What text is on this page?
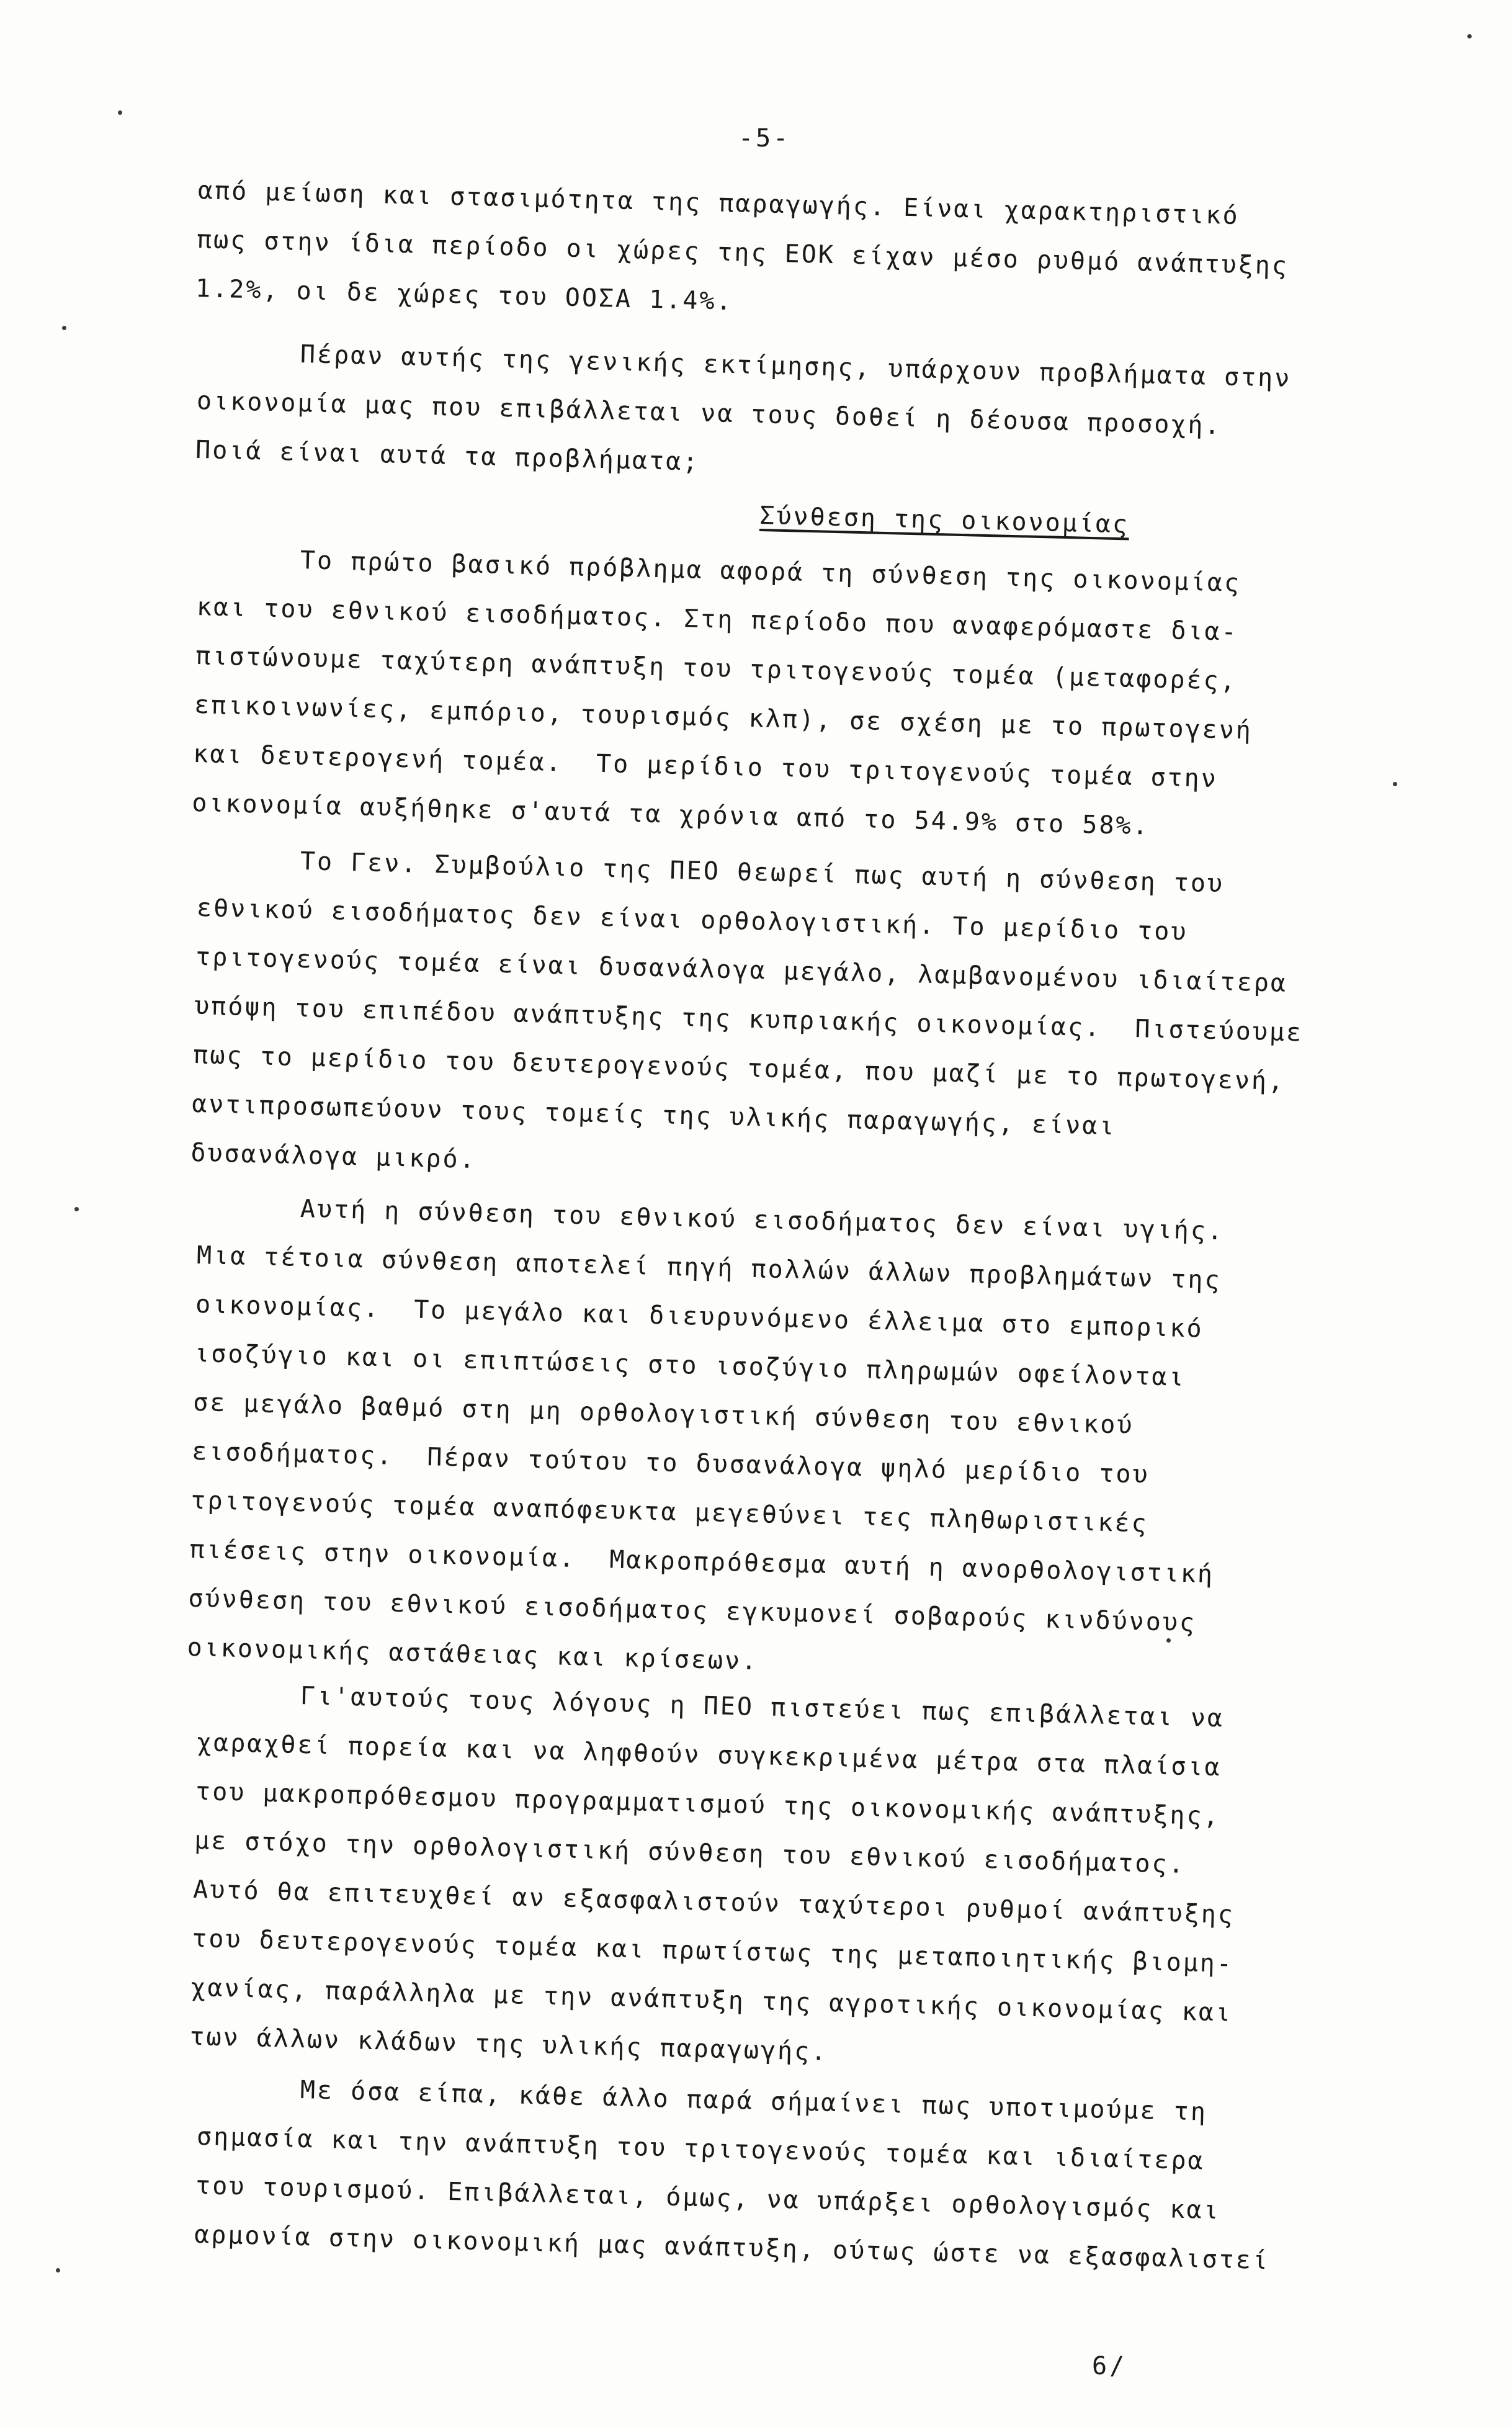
-5-
από μείωση και στασιμότητα της παραγωγής. Είναι χαρακτηριστικό
πως στην ίδια περίοδο οι χώρες της ΕΟΚ είχαν μέσο ρυθμό ανάπτυξης
1.2%, οι δε χώρες του ΟΟΣΑ 1.4%.
Πέραν αυτής της γενικής εκτίμησης, υπάρχουν προβλήματα στην
οικονομία μας που επιβάλλεται να τους δοθεί η δέουσα προσοχή.
Ποιά είναι αυτά τα προβλήματα;
Σύνθεση της οικονομίας
Το πρώτο βασικό πρόβλημα αφορά τη σύνθεση της οικονομίας
και του εθνικού εισοδήματος. Στη περίοδο που αναφερόμαστε δια-
πιστώνουμε ταχύτερη ανάπτυξη του τριτογενούς τομέα (μεταφορές,
επικοινωνίες, εμπόριο, τουρισμός κλπ), σε σχέση με το πρωτογενή
και δευτερογενή τομέα.  Το μερίδιο του τριτογενούς τομέα στην
οικονομία αυξήθηκε σ'αυτά τα χρόνια από το 54.9% στο 58%.
Το Γεν. Συμβούλιο της ΠΕΟ θεωρεί πως αυτή η σύνθεση του
εθνικού εισοδήματος δεν είναι ορθολογιστική. Το μερίδιο του
τριτογενούς τομέα είναι δυσανάλογα μεγάλο, λαμβανομένου ιδιαίτερα
υπόψη του επιπέδου ανάπτυξης της κυπριακής οικονομίας.  Πιστεύουμε
πως το μερίδιο του δευτερογενούς τομέα, που μαζί με το πρωτογενή,
αντιπροσωπεύουν τους τομείς της υλικής παραγωγής, είναι
δυσανάλογα μικρό.
Αυτή η σύνθεση του εθνικού εισοδήματος δεν είναι υγιής.
Μια τέτοια σύνθεση αποτελεί πηγή πολλών άλλων προβλημάτων της
οικονομίας.  Το μεγάλο και διευρυνόμενο έλλειμα στο εμπορικό
ισοζύγιο και οι επιπτώσεις στο ισοζύγιο πληρωμών οφείλονται
σε μεγάλο βαθμό στη μη ορθολογιστική σύνθεση του εθνικού
εισοδήματος.  Πέραν τούτου το δυσανάλογα ψηλό μερίδιο του
τριτογενούς τομέα αναπόφευκτα μεγεθύνει τες πληθωριστικές
πιέσεις στην οικονομία.  Μακροπρόθεσμα αυτή η ανορθολογιστική
σύνθεση του εθνικού εισοδήματος εγκυμονεί σοβαρούς κινδύνους
οικονομικής αστάθειας και κρίσεων.
Γι'αυτούς τους λόγους η ΠΕΟ πιστεύει πως επιβάλλεται να
χαραχθεί πορεία και να ληφθούν συγκεκριμένα μέτρα στα πλαίσια
του μακροπρόθεσμου προγραμματισμού της οικονομικής ανάπτυξης,
με στόχο την ορθολογιστική σύνθεση του εθνικού εισοδήματος.
Αυτό θα επιτευχθεί αν εξασφαλιστούν ταχύτεροι ρυθμοί ανάπτυξης
του δευτερογενούς τομέα και πρωτίστως της μεταποιητικής βιομη-
χανίας, παράλληλα με την ανάπτυξη της αγροτικής οικονομίας και
των άλλων κλάδων της υλικής παραγωγής.
Με όσα είπα, κάθε άλλο παρά σήμαίνει πως υποτιμούμε τη
σημασία και την ανάπτυξη του τριτογενούς τομέα και ιδιαίτερα
του τουρισμού. Επιβάλλεται, όμως, να υπάρξει ορθολογισμός και
αρμονία στην οικονομική μας ανάπτυξη, ούτως ώστε να εξασφαλιστεί
6/
